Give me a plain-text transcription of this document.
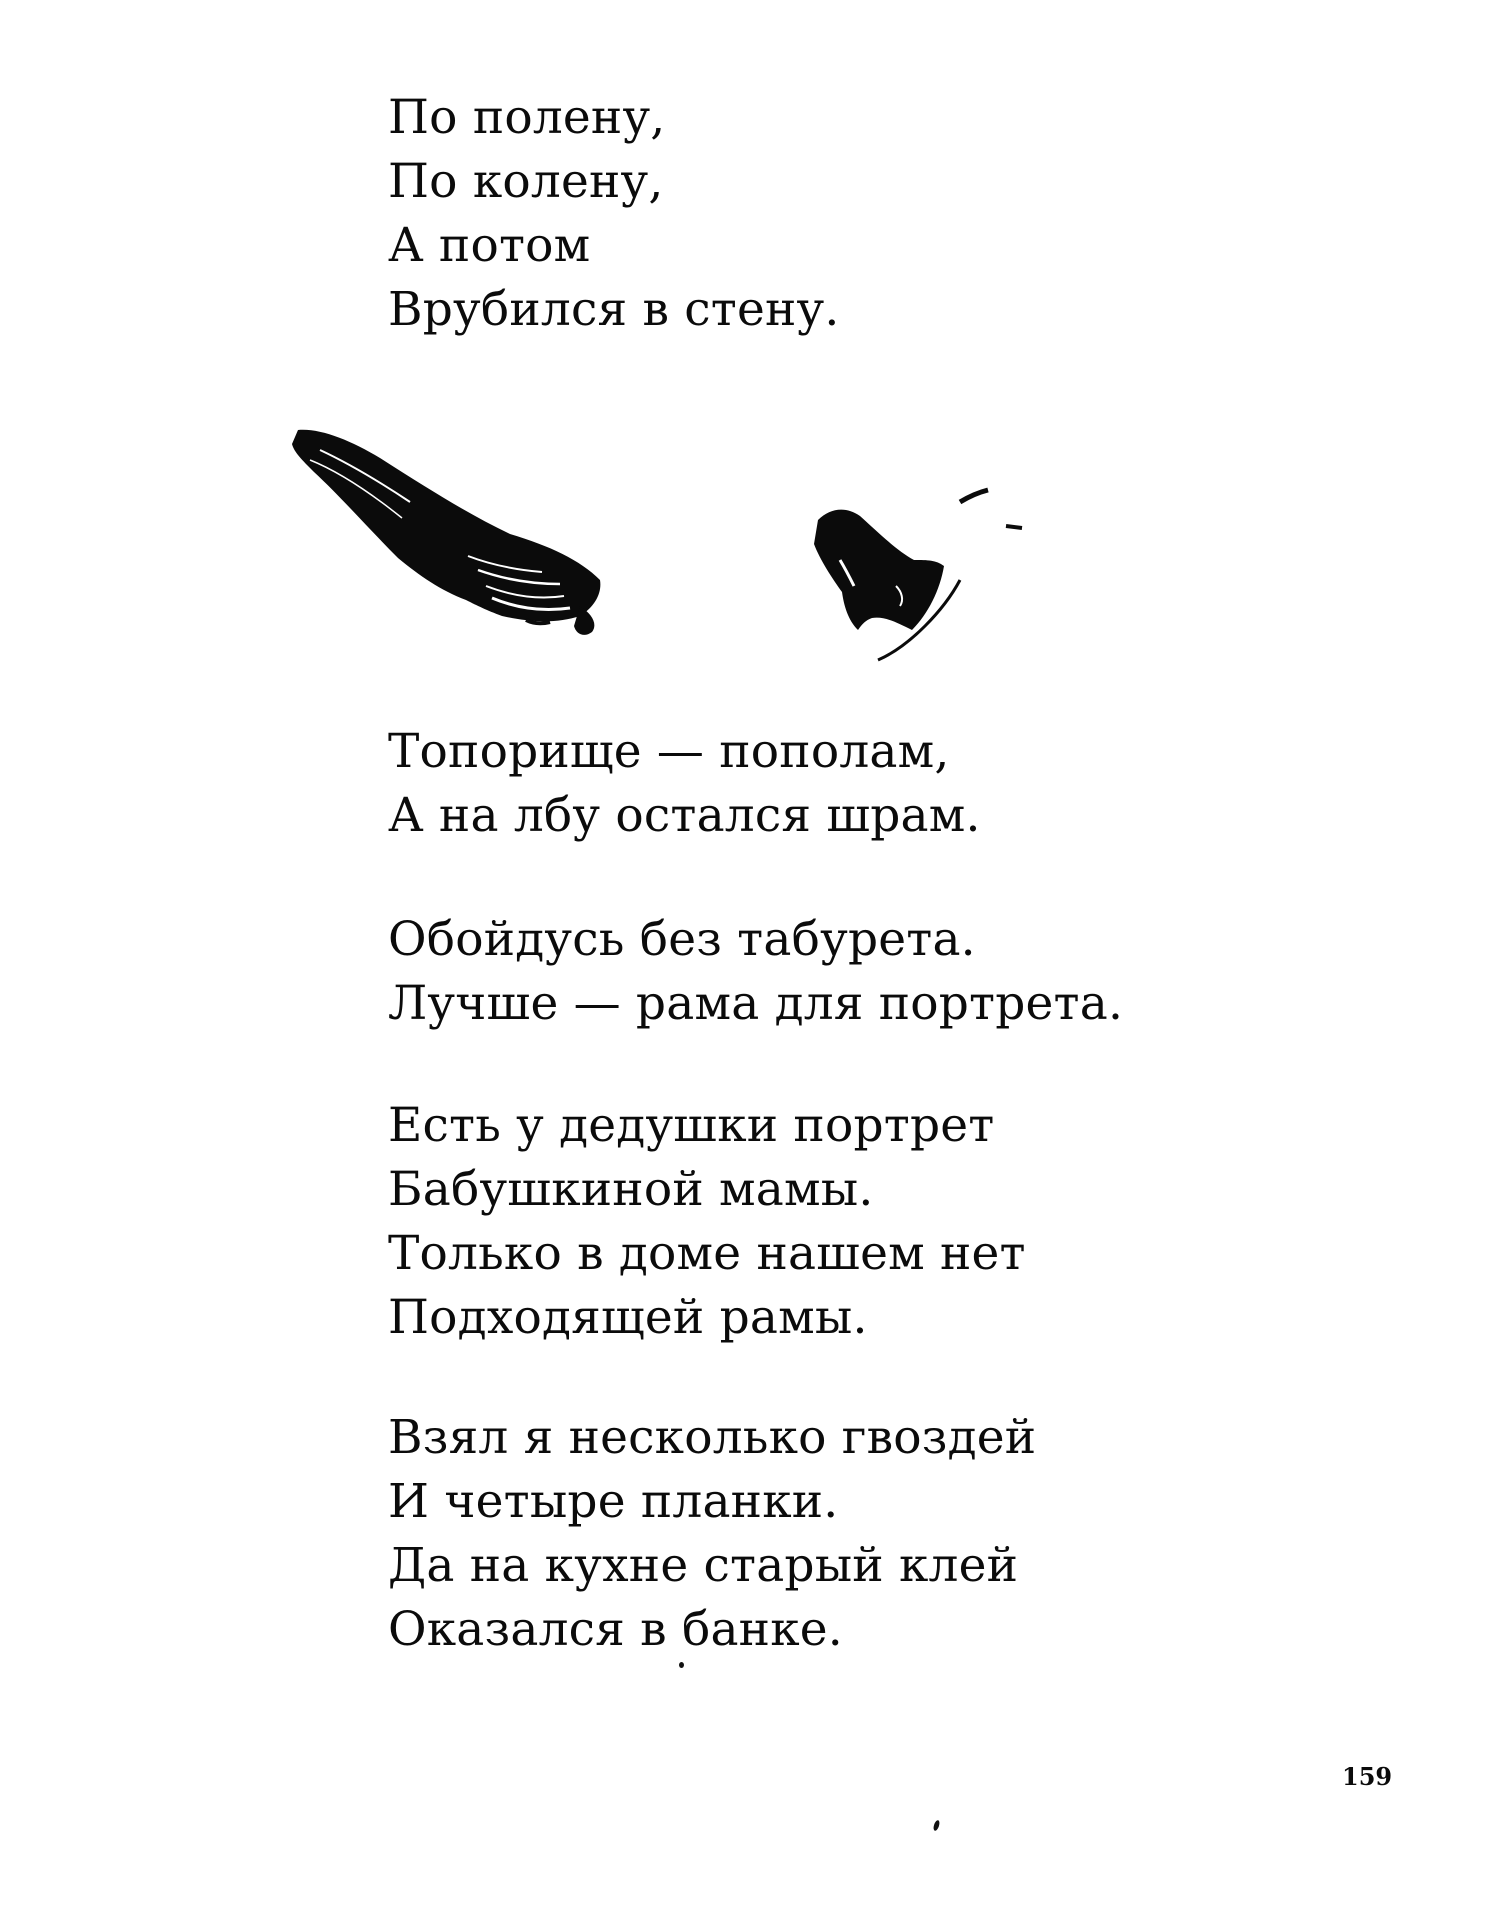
По полену,
По колену,
А потом
Врубился в стену.
Топорище — пополам,
А на лбу остался шрам.
Обойдусь без табурета.
Лучше — рама для портрета.
Есть у дедушки портрет
Бабушкиной мамы.
Только в доме нашем нет
Подходящей рамы.
Взял я несколько гвоздей
И четыре планки.
Да на кухне старый клей
Оказался в банке.
159
